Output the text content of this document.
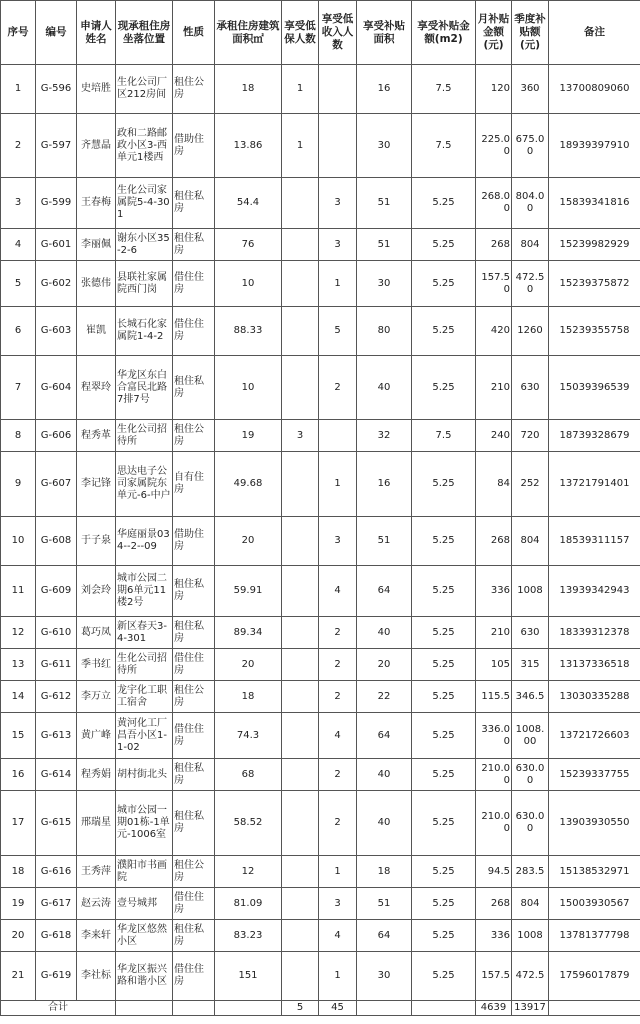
序号	编号	申请人姓名	现承租住房坐落位置	性质	承租住房建筑面积㎡	享受低保人数	享受低收入人数	享受补贴面积	享受补贴金额(m2)	月补贴金额(元)	季度补贴额(元)	备注
1	G-596	史培胜	生化公司厂区212房间	租住公房	18	1		16	7.5	120	360	13700809060
2	G-597	齐慧晶	政和二路邮政小区3-西单元1楼西	借助住房	13.86	1		30	7.5	225.00	675.00	18939397910
3	G-599	王春梅	生化公司家属院5-4-301	租住私房	54.4		3	51	5.25	268.00	804.00	15839341816
4	G-601	李丽佩	谢东小区35-2-6	租住私房	76		3	51	5.25	268	804	15239982929
5	G-602	张德伟	县联社家属院西门岗	借住住房	10		1	30	5.25	157.50	472.50	15239375872
6	G-603	崔凯	长城石化家属院1-4-2	借住住房	88.33		5	80	5.25	420	1260	15239355758
7	G-604	程翠玲	华龙区东白合富民北路7排7号	租住私房	10		2	40	5.25	210	630	15039396539
8	G-606	程秀革	生化公司招待所	租住公房	19	3		32	7.5	240	720	18739328679
9	G-607	李记锋	思达电子公司家属院东单元-6-中户	自有住房	49.68		1	16	5.25	84	252	13721791401
10	G-608	于子泉	华庭丽景034--2--09	借助住房	20		3	51	5.25	268	804	18539311157
11	G-609	刘会玲	城市公园二期6单元11楼2号	租住私房	59.91		4	64	5.25	336	1008	13939342943
12	G-610	葛巧凤	新区春天3-4-301	租住私房	89.34		2	40	5.25	210	630	18339312378
13	G-611	季书红	生化公司招待所	借住住房	20		2	20	5.25	105	315	13137336518
14	G-612	李万立	龙宇化工职工宿舍	租住公房	18		2	22	5.25	115.5	346.5	13030335288
15	G-613	黄广峰	黄河化工厂昌吾小区1-1-02	借住住房	74.3		4	64	5.25	336.00	1008.00	13721726603
16	G-614	程秀娟	胡村街北头	租住私房	68		2	40	5.25	210.00	630.00	15239337755
17	G-615	邢瑞星	城市公园一期01栋-1单元-1006室	租住私房	58.52		2	40	5.25	210.00	630.00	13903930550
18	G-616	王秀萍	濮阳市书画院	租住公房	12		1	18	5.25	94.5	283.5	15138532971
19	G-617	赵云涛	壹号城邦	借住住房	81.09		3	51	5.25	268	804	15003930567
20	G-618	李来轩	华龙区悠然小区	租住私房	83.23		4	64	5.25	336	1008	13781377798
21	G-619	李社标	华龙区振兴路和谐小区	借住住房	151		1	30	5.25	157.5	472.5	17596017879
合计						5	45			4639	13917	
